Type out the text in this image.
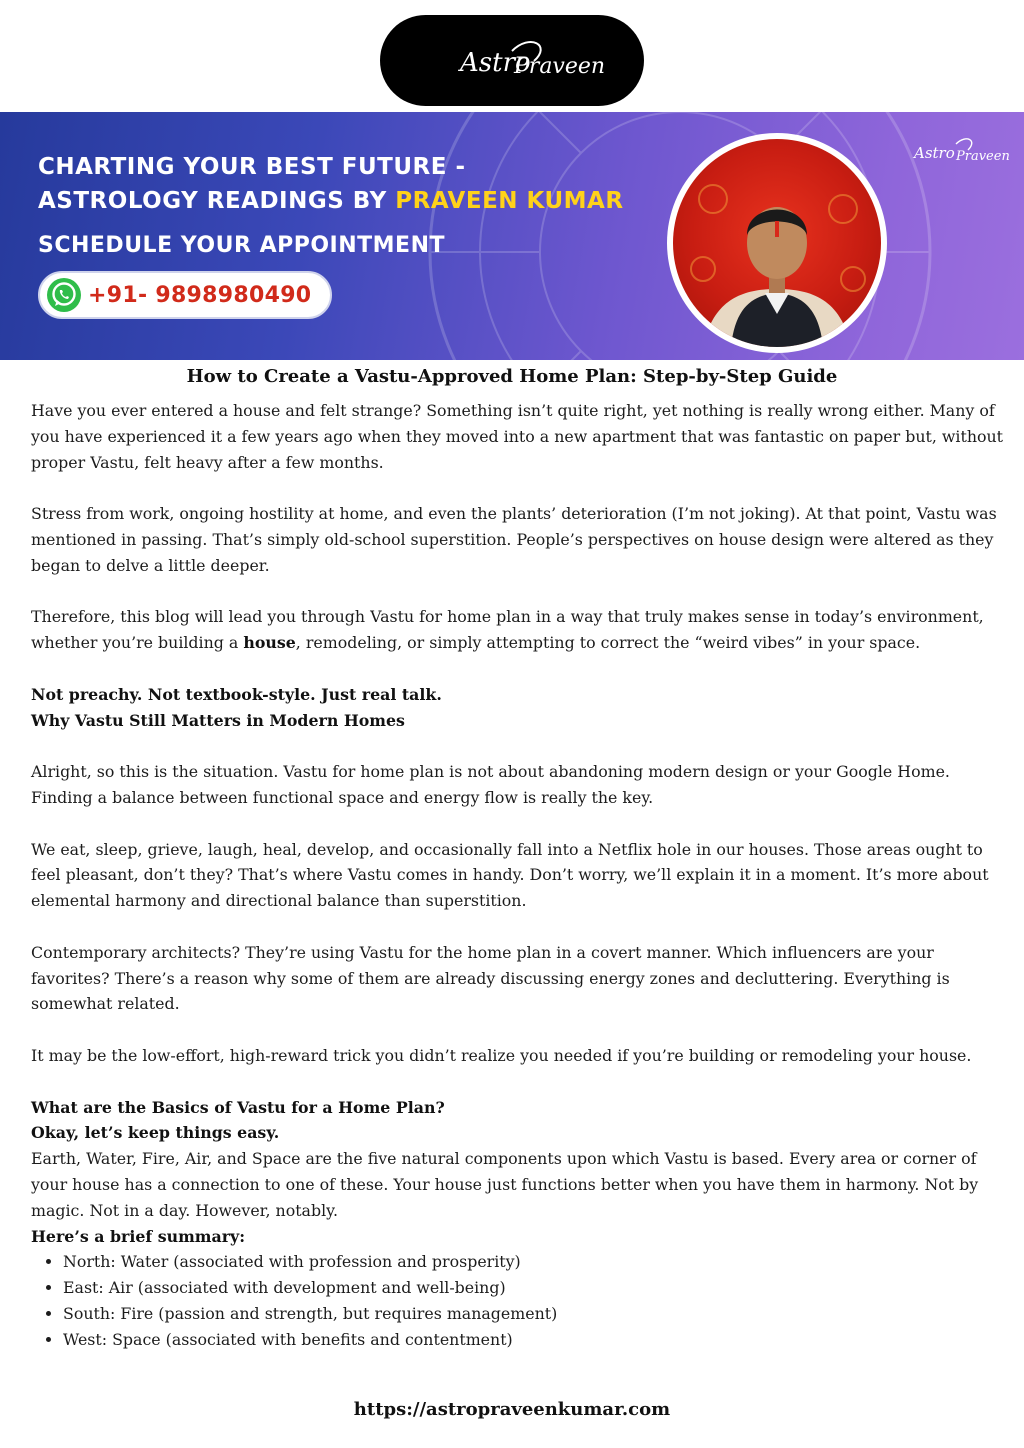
Astro
Praveen
CHARTING YOUR BEST FUTURE -
ASTROLOGY READINGS BY PRAVEEN KUMAR
SCHEDULE YOUR APPOINTMENT
+91- 9898980490
Astro Praveen
How to Create a Vastu-Approved Home Plan: Step-by-Step Guide

Have you ever entered a house and felt strange? Something isn’t quite right, yet nothing is really wrong either. Many of you have experienced it a few years ago when they moved into a new apartment that was fantastic on paper but, without proper Vastu, felt heavy after a few months.

Stress from work, ongoing hostility at home, and even the plants’ deterioration (I’m not joking). At that point, Vastu was mentioned in passing. That’s simply old-school superstition. People’s perspectives on house design were altered as they began to delve a little deeper.

Therefore, this blog will lead you through Vastu for home plan in a way that truly makes sense in today’s environment, whether you’re building a house, remodeling, or simply attempting to correct the “weird vibes” in your space.

Not preachy. Not textbook-style. Just real talk.

Why Vastu Still Matters in Modern Homes

Alright, so this is the situation. Vastu for home plan is not about abandoning modern design or your Google Home. Finding a balance between functional space and energy flow is really the key.

We eat, sleep, grieve, laugh, heal, develop, and occasionally fall into a Netflix hole in our houses. Those areas ought to feel pleasant, don’t they? That’s where Vastu comes in handy. Don’t worry, we’ll explain it in a moment. It’s more about elemental harmony and directional balance than superstition.

Contemporary architects? They’re using Vastu for the home plan in a covert manner. Which influencers are your favorites? There’s a reason why some of them are already discussing energy zones and decluttering. Everything is somewhat related.

It may be the low-effort, high-reward trick you didn’t realize you needed if you’re building or remodeling your house.

What are the Basics of Vastu for a Home Plan?

Okay, let’s keep things easy.

Earth, Water, Fire, Air, and Space are the five natural components upon which Vastu is based. Every area or corner of your house has a connection to one of these. Your house just functions better when you have them in harmony. Not by magic. Not in a day. However, notably.

Here’s a brief summary:

• North: Water (associated with profession and prosperity)
• East: Air (associated with development and well-being)
• South: Fire (passion and strength, but requires management)
• West: Space (associated with benefits and contentment)
https://astropraveenkumar.com
